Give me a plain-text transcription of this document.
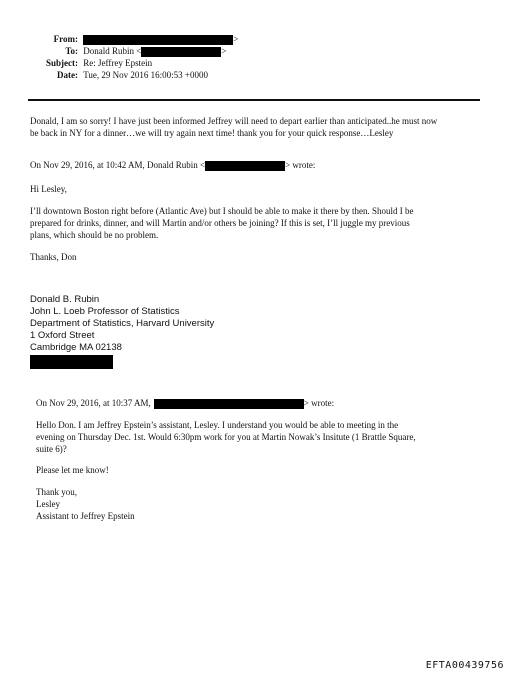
From:	>
To: Donald Rubin <	>
Subject: Re: Jeffrey Epstein
Date: Tue, 29 Nov 2016 16:00:53 +0000
Donald, I am so sorry! I have just been informed Jeffrey will need to depart earlier than anticipated..he must now
be back in NY for a dinner…we will try again next time! thank you for your quick response…Lesley
On Nov 29, 2016, at 10:42 AM, Donald Rubin <	> wrote:
Hi Lesley,
I’ll downtown Boston right before (Atlantic Ave) but I should be able to make it there by then. Should I be
prepared for drinks, dinner, and will Martin and/or others be joining? If this is set, I’ll juggle my previous
plans, which should be no problem.
Thanks, Don
Donald B. Rubin
John L. Loeb Professor of Statistics
Department of Statistics, Harvard University
1 Oxford Street
Cambridge MA 02138
On Nov 29, 2016, at 10:37 AM,	> wrote:
Hello Don. I am Jeffrey Epstein’s assistant, Lesley. I understand you would be able to meeting in the
evening on Thursday Dec. 1st. Would 6:30pm work for you at Martin Nowak’s Insitute (1 Brattle Square,
suite 6)?
Please let me know!
Thank you,
Lesley
Assistant to Jeffrey Epstein
EFTA00439756
